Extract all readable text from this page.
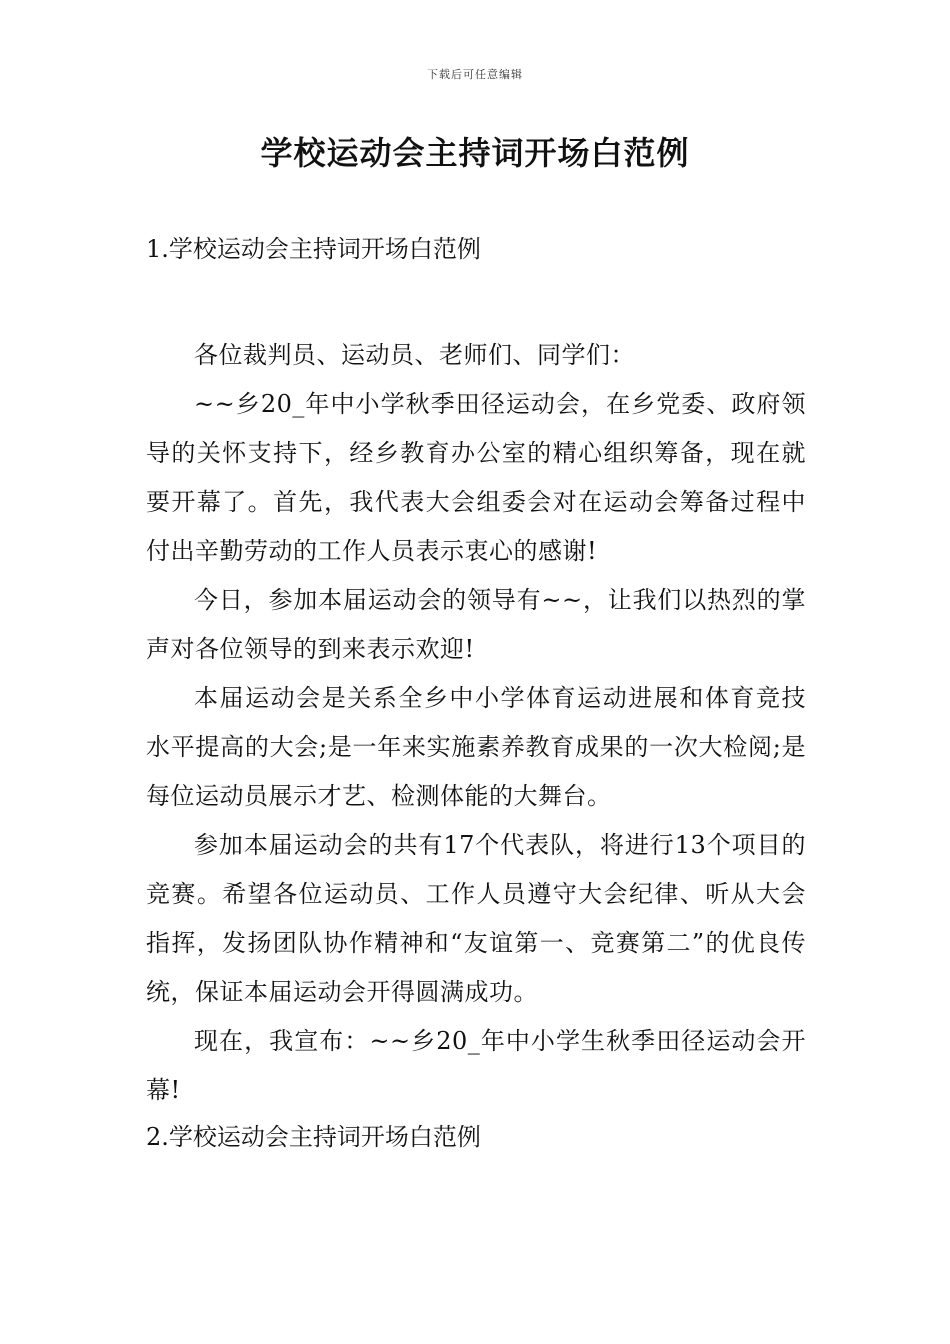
下载后可任意编辑
学校运动会主持词开场白范例

1.学校运动会主持词开场白范例

各位裁判员、运动员、老师们、同学们：

~~乡20_年中小学秋季田径运动会，在乡党委、政府领导的关怀支持下，经乡教育办公室的精心组织筹备，现在就要开幕了。首先，我代表大会组委会对在运动会筹备过程中付出辛勤劳动的工作人员表示衷心的感谢!

今日，参加本届运动会的领导有~~，让我们以热烈的掌声对各位领导的到来表示欢迎!

本届运动会是关系全乡中小学体育运动进展和体育竞技水平提高的大会;是一年来实施素养教育成果的一次大检阅;是每位运动员展示才艺、检测体能的大舞台。

参加本届运动会的共有17个代表队，将进行13个项目的竞赛。希望各位运动员、工作人员遵守大会纪律、听从大会指挥，发扬团队协作精神和“友谊第一、竞赛第二”的优良传统，保证本届运动会开得圆满成功。

现在，我宣布：~~乡20_年中小学生秋季田径运动会开幕!

2.学校运动会主持词开场白范例
